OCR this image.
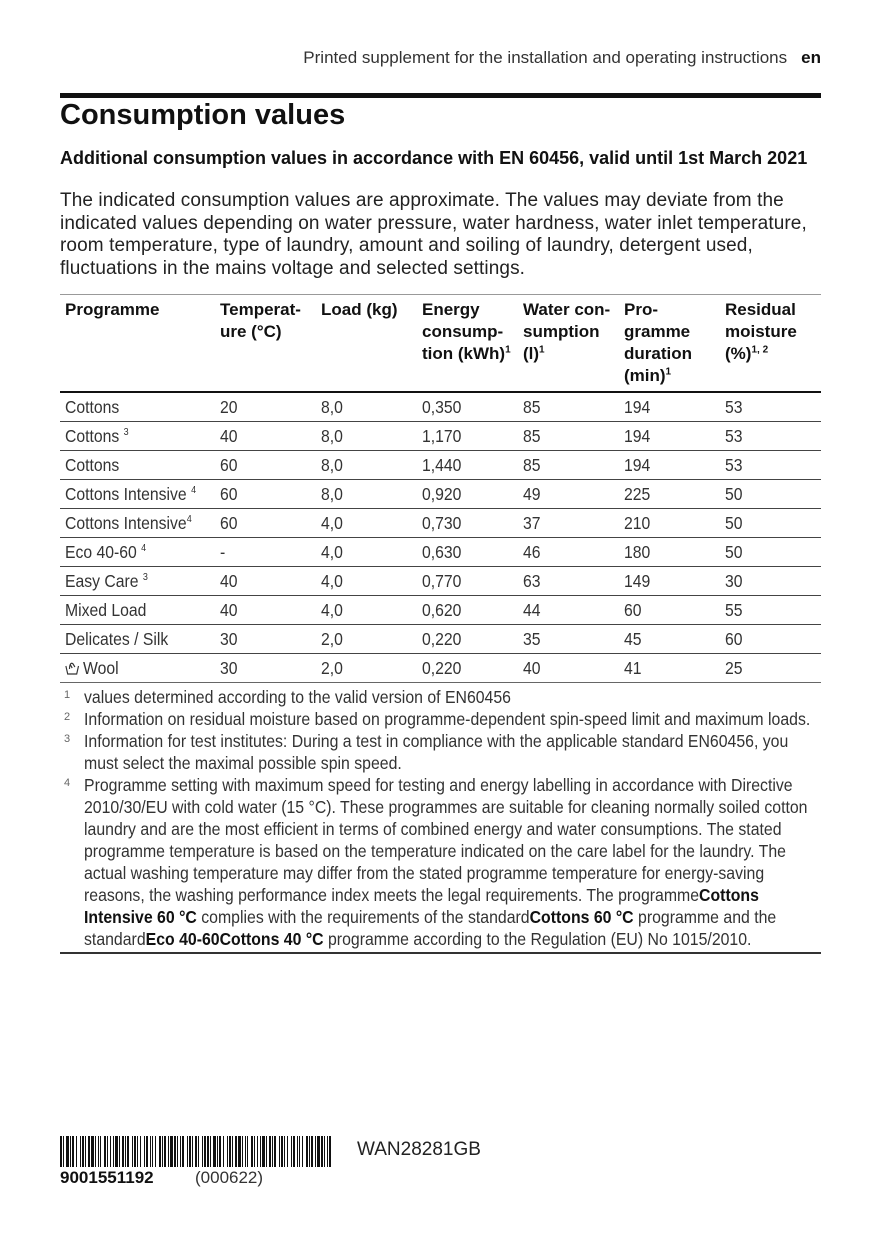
Printed supplement for the installation and operating instructions en
Consumption values

Additional consumption values in accordance with EN 60456, valid until 1st March 2021

The indicated consumption values are approximate. The values may deviate from the indicated values depending on water pressure, water hardness, water inlet temperature, room temperature, type of laundry, amount and soiling of laundry, detergent used, fluctuations in the mains voltage and selected settings.

Programme	Temperat-ure (°C)	Load (kg)	Energy consump-tion (kWh)$^1$	Water con-sumption $(l)^1$	Pro-gramme duration $(\min)^1$	Residual moisture (%)$^{1, 2}$
Cottons	20	8,0	0,350	85	194	53
Cottons $^3$	40	8,0	1,170	85	194	53
Cottons	60	8,0	1,440	85	194	53
Cottons Intensive $^4$	60	8,0	0,920	49	225	50
Cottons Intensive$^4$	60	4,0	0,730	37	210	50
Eco 40-60 $^4$	-	4,0	0,630	46	180	50
Easy Care $^3$	40	4,0	0,770	63	149	30
Mixed Load	40	4,0	0,620	44	60	55
Delicates / Silk	30	2,0	0,220	35	45	60
Wool	30	2,0	0,220	40	41	25
1 values determined according to the valid version of EN60456
2 Information on residual moisture based on programme-dependent spin-speed limit and maximum loads.
3 Information for test institutes: During a test in compliance with the applicable standard EN60456, you must select the maximal possible spin speed.
4 Programme setting with maximum speed for testing and energy labelling in accordance with Directive 2010/30/EU with cold water (15 °C). These programmes are suitable for cleaning normally soiled cotton laundry and are the most efficient in terms of combined energy and water consumptions. The stated programme temperature is based on the temperature indicated on the care label for the laundry. The actual washing temperature may differ from the stated programme temperature for energy-saving reasons, the washing performance index meets the legal requirements. The programmeCottons Intensive 60 °C complies with the requirements of the standardCottons 60 °C programme and the standardEco 40-60Cottons 40 °C programme according to the Regulation (EU) No 1015/2010.
9001551192 (000622)
WAN28281GB
